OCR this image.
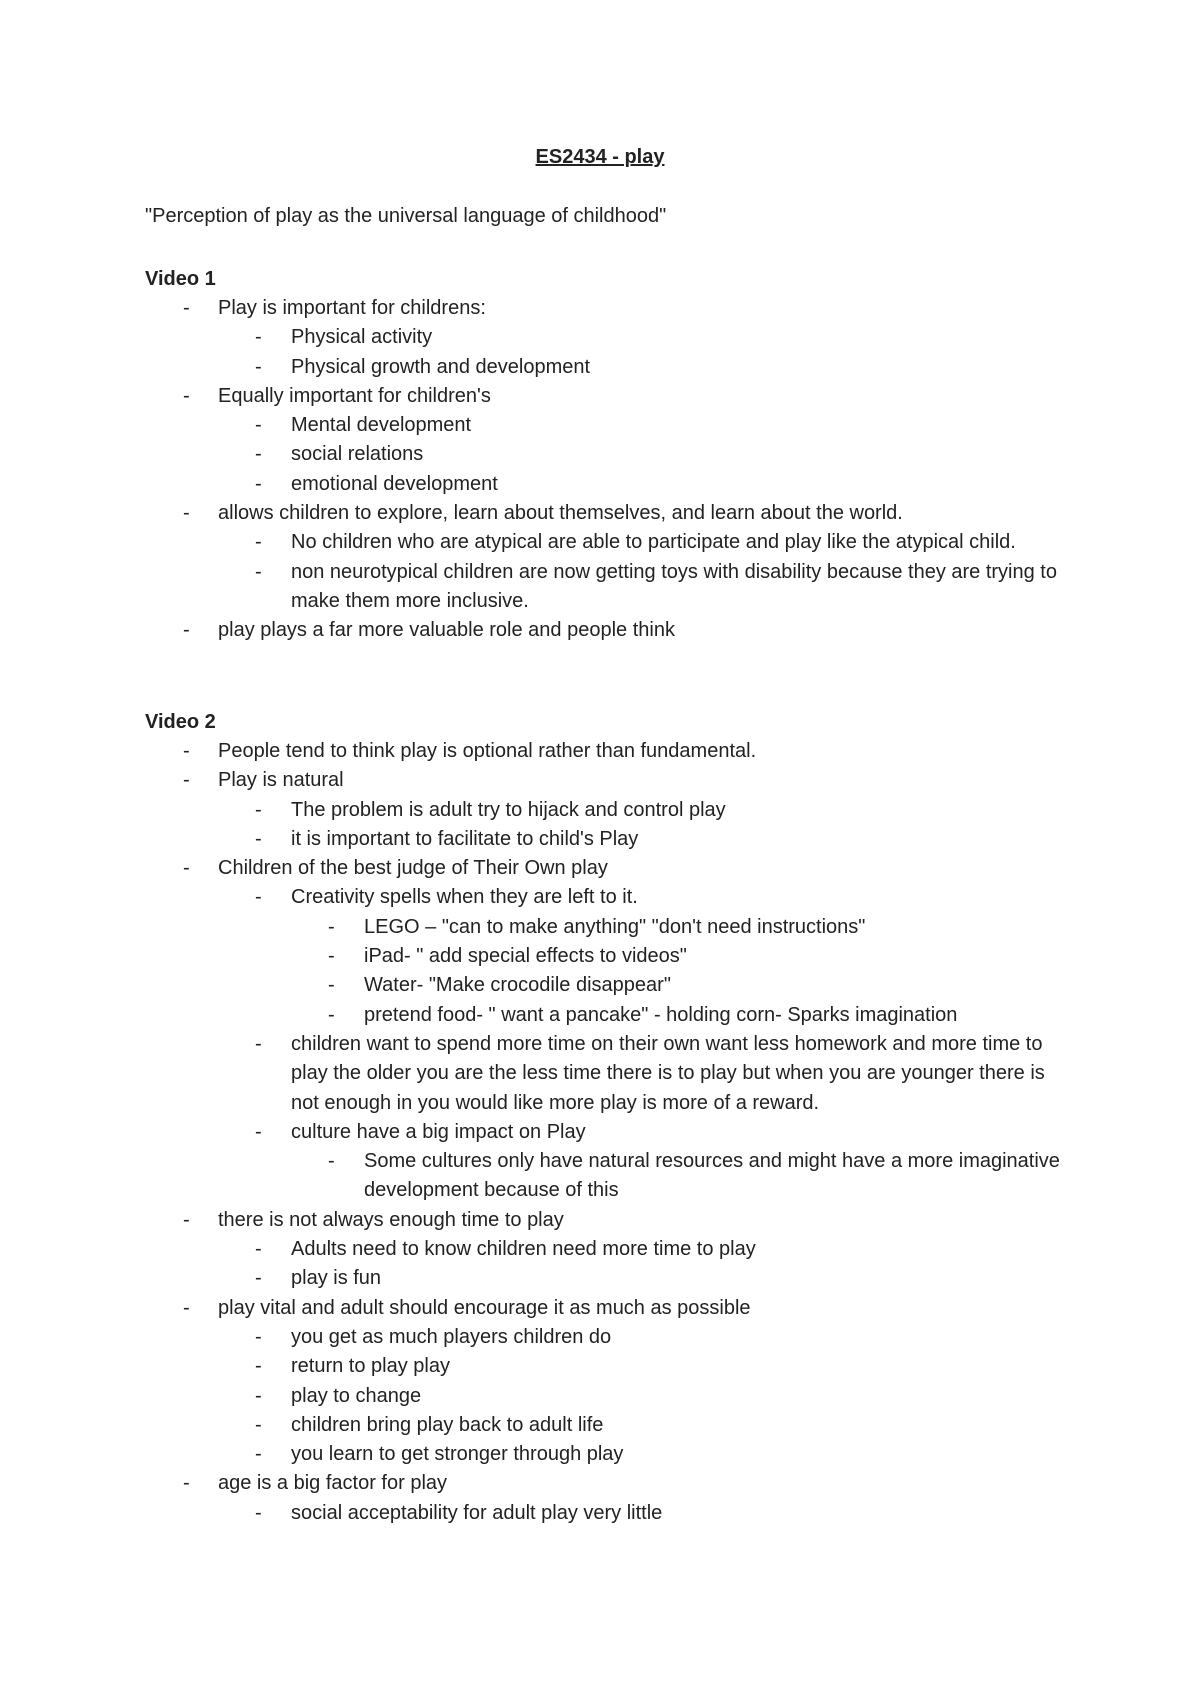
ES2434 - play

"Perception of play as the universal language of childhood"

Video 1
- Play is important for childrens:
- Physical activity
- Physical growth and development
- Equally important for children's
- Mental development
- social relations
- emotional development
- allows children to explore, learn about themselves, and learn about the world.
- No children who are atypical are able to participate and play like the atypical child.
- non neurotypical children are now getting toys with disability because they are trying to make them more inclusive.
- play plays a far more valuable role and people think
Video 2
- People tend to think play is optional rather than fundamental.
- Play is natural
- The problem is adult try to hijack and control play
- it is important to facilitate to child's Play
- Children of the best judge of Their Own play
- Creativity spells when they are left to it.
- LEGO – "can to make anything" "don't need instructions"
- iPad- " add special effects to videos"
- Water- "Make crocodile disappear"
- pretend food- " want a pancake" - holding corn- Sparks imagination
- children want to spend more time on their own want less homework and more time to play the older you are the less time there is to play but when you are younger there is not enough in you would like more play is more of a reward.
- culture have a big impact on Play
- Some cultures only have natural resources and might have a more imaginative development because of this
- there is not always enough time to play
- Adults need to know children need more time to play
- play is fun
- play vital and adult should encourage it as much as possible
- you get as much players children do
- return to play play
- play to change
- children bring play back to adult life
- you learn to get stronger through play
- age is a big factor for play
- social acceptability for adult play very little
